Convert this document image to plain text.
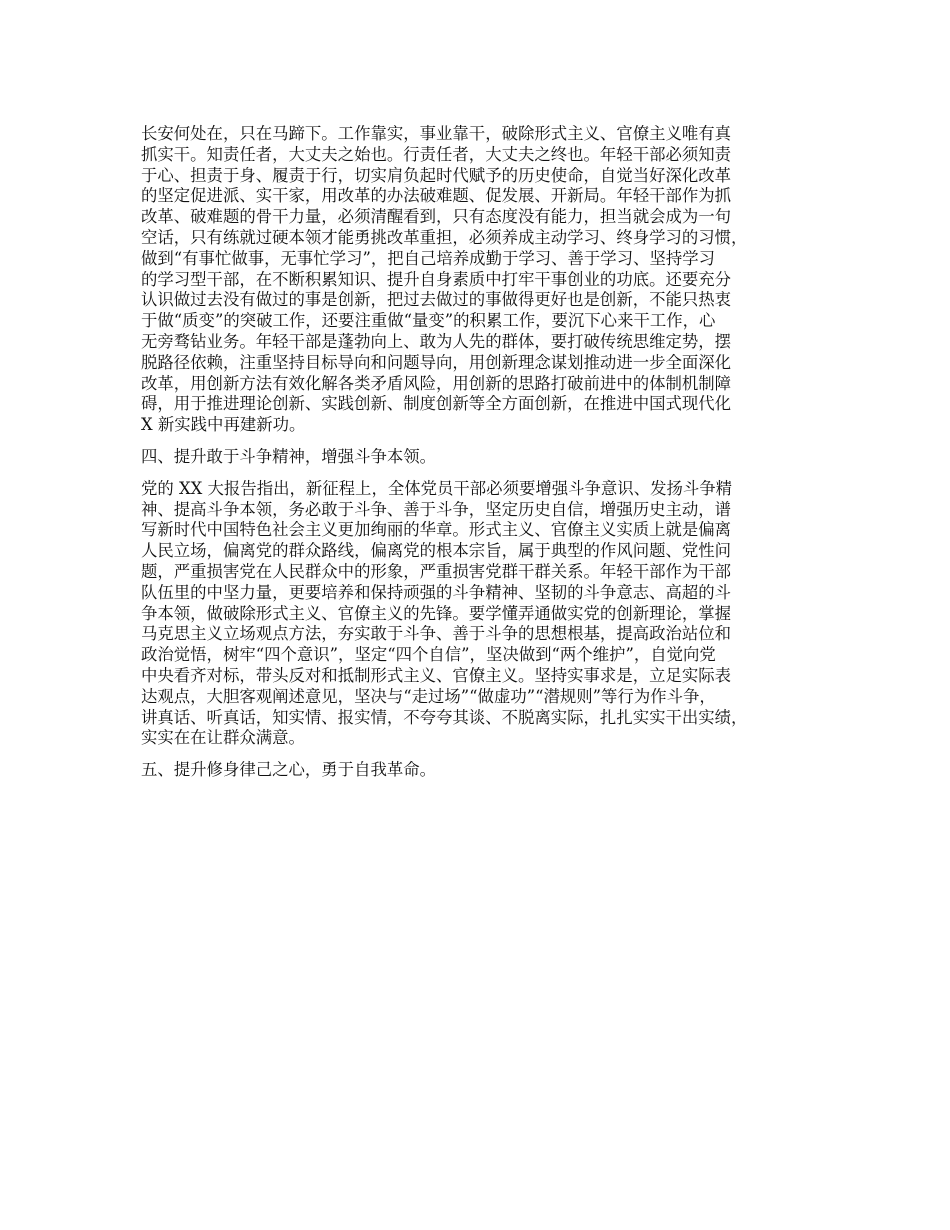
长安何处在，只在马蹄下。工作靠实，事业靠干，破除形式主义、官僚主义唯有真
抓实干。知责任者，大丈夫之始也。行责任者，大丈夫之终也。年轻干部必须知责
于心、担责于身、履责于行，切实肩负起时代赋予的历史使命，自觉当好深化改革
的坚定促进派、实干家，用改革的办法破难题、促发展、开新局。年轻干部作为抓
改革、破难题的骨干力量，必须清醒看到，只有态度没有能力，担当就会成为一句
空话，只有练就过硬本领才能勇挑改革重担，必须养成主动学习、终身学习的习惯，
做到“有事忙做事，无事忙学习”，把自己培养成勤于学习、善于学习、坚持学习
的学习型干部，在不断积累知识、提升自身素质中打牢干事创业的功底。还要充分
认识做过去没有做过的事是创新，把过去做过的事做得更好也是创新，不能只热衷
于做“质变”的突破工作，还要注重做“量变”的积累工作，要沉下心来干工作，心
无旁骛钻业务。年轻干部是蓬勃向上、敢为人先的群体，要打破传统思维定势，摆
脱路径依赖，注重坚持目标导向和问题导向，用创新理念谋划推动进一步全面深化
改革，用创新方法有效化解各类矛盾风险，用创新的思路打破前进中的体制机制障
碍，用于推进理论创新、实践创新、制度创新等全方面创新，在推进中国式现代化
X 新实践中再建新功。
四、提升敢于斗争精神，增强斗争本领。
党的 XX 大报告指出，新征程上，全体党员干部必须要增强斗争意识、发扬斗争精
神、提高斗争本领，务必敢于斗争、善于斗争，坚定历史自信，增强历史主动，谱
写新时代中国特色社会主义更加绚丽的华章。形式主义、官僚主义实质上就是偏离
人民立场，偏离党的群众路线，偏离党的根本宗旨，属于典型的作风问题、党性问
题，严重损害党在人民群众中的形象，严重损害党群干群关系。年轻干部作为干部
队伍里的中坚力量，更要培养和保持顽强的斗争精神、坚韧的斗争意志、高超的斗
争本领，做破除形式主义、官僚主义的先锋。要学懂弄通做实党的创新理论，掌握
马克思主义立场观点方法，夯实敢于斗争、善于斗争的思想根基，提高政治站位和
政治觉悟，树牢“四个意识”，坚定“四个自信”，坚决做到“两个维护”，自觉向党
中央看齐对标，带头反对和抵制形式主义、官僚主义。坚持实事求是，立足实际表
达观点，大胆客观阐述意见，坚决与“走过场”“做虚功”“潜规则”等行为作斗争，
讲真话、听真话，知实情、报实情，不夸夸其谈、不脱离实际，扎扎实实干出实绩，
实实在在让群众满意。
五、提升修身律己之心，勇于自我革命。
